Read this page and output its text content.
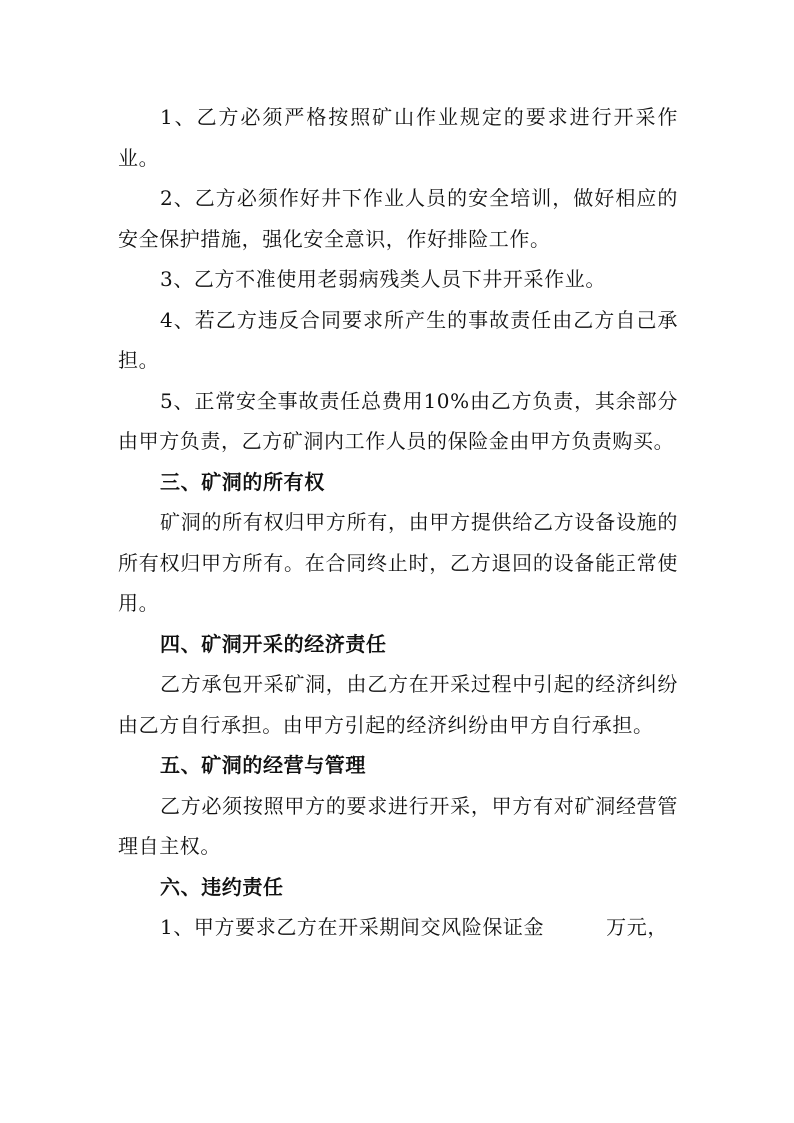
1、乙方必须严格按照矿山作业规定的要求进行开采作业。

2、乙方必须作好井下作业人员的安全培训，做好相应的安全保护措施，强化安全意识，作好排险工作。

3、乙方不准使用老弱病残类人员下井开采作业。

4、若乙方违反合同要求所产生的事故责任由乙方自己承担。

5、正常安全事故责任总费用10%由乙方负责，其余部分由甲方负责，乙方矿洞内工作人员的保险金由甲方负责购买。

三、矿洞的所有权

矿洞的所有权归甲方所有，由甲方提供给乙方设备设施的所有权归甲方所有。在合同终止时，乙方退回的设备能正常使用。

四、矿洞开采的经济责任

乙方承包开采矿洞，由乙方在开采过程中引起的经济纠纷由乙方自行承担。由甲方引起的经济纠纷由甲方自行承担。

五、矿洞的经营与管理

乙方必须按照甲方的要求进行开采，甲方有对矿洞经营管理自主权。

六、违约责任

1、甲方要求乙方在开采期间交风险保证金	万元，
